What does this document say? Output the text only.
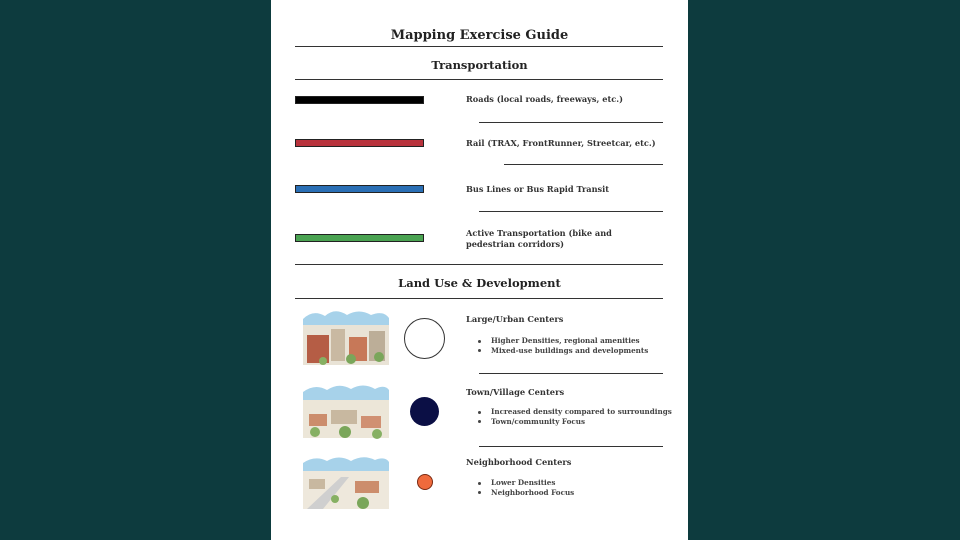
Mapping Exercise Guide
Transportation
Roads (local roads, freeways, etc.)
Rail (TRAX, FrontRunner, Streetcar, etc.)
Bus Lines or Bus Rapid Transit
Active Transportation (bike and pedestrian corridors)
Land Use & Development
Large/Urban Centers
Higher Densities, regional amenities
Mixed-use buildings and developments
Town/Village Centers
Increased density compared to surroundings
Town/community Focus
Neighborhood Centers
Lower Densities
Neighborhood Focus
